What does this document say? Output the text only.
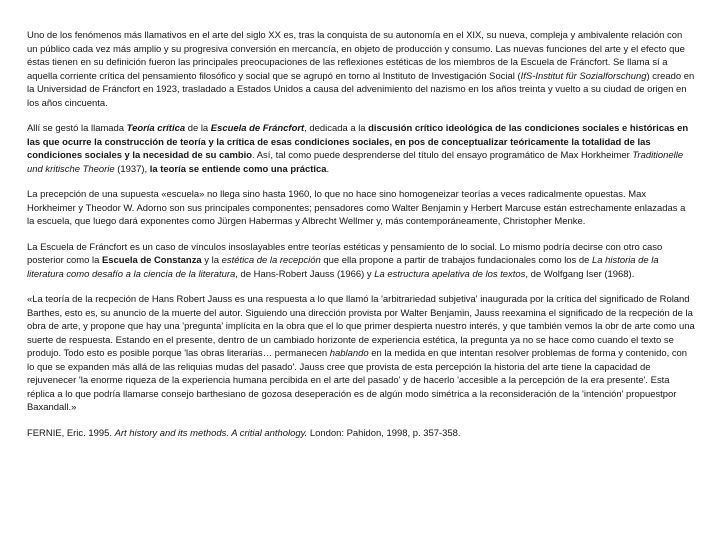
Uno de los fenómenos más llamativos en el arte del siglo XX es, tras la conquista de su autonomía en el XIX, su nueva, compleja y ambivalente relación con un público cada vez más amplio y su progresiva conversión en mercancía, en objeto de producción y consumo. Las nuevas funciones del arte y el efecto que éstas tienen en su definición fueron las principales preocupaciones de las reflexiones estéticas de los miembros de la Escuela de Fráncfort. Se llama sí a aquella corriente crítica del pensamiento filosófico y social que se agrupó en torno al Instituto de Investigación Social (IfS-Institut für Sozialforschung) creado en la Universidad de Fráncfort en 1923, trasladado a Estados Unidos a causa del advenimiento del nazismo en los años treinta y vuelto a su ciudad de origen en los años cincuenta.

Allí se gestó la llamada Teoría crítica de la Escuela de Fráncfort, dedicada a la discusión crítico ideológica de las condiciones sociales e históricas en las que ocurre la construcción de teoría y la crítica de esas condiciones sociales, en pos de conceptualizar teóricamente la totalidad de las condiciones sociales y la necesidad de su cambio. Así, tal como puede desprenderse del título del ensayo programático de Max Horkheimer Traditionelle und kritische Theorie (1937), la teoría se entiende como una práctica.

La precepción de una supuesta «escuela» no llega sino hasta 1960, lo que no hace sino homogeneizar teorías a veces radicalmente opuestas. Max Horkheimer y Theodor W. Adorno son sus principales componentes; pensadores como Walter Benjamin y Herbert Marcuse están estrechamente enlazadas a la escuela, que luego dará exponentes como Jürgen Habermas y Albrecht Wellmer y, más contemporáneamente, Christopher Menke.

La Escuela de Fráncfort es un caso de vínculos insoslayables entre teorías estéticas y pensamiento de lo social. Lo mismo podría decirse con otro caso posterior como la Escuela de Constanza y la estética de la recepción que ella propone a partir de trabajos fundacionales como los de La historia de la literatura como desafío a la ciencia de la literatura, de Hans-Robert Jauss (1966) y La estructura apelativa de los textos, de Wolfgang Iser (1968).

«La teoría de la recpeción de Hans Robert Jauss es una respuesta a lo que llamó la 'arbitrariedad subjetiva' inaugurada por la crítica del significado de Roland Barthes, esto es, su anuncio de la muerte del autor. Siguiendo una dirección provista por Walter Benjamin, Jauss reexamina el significado de la recpeción de la obra de arte, y propone que hay una 'pregunta' implícita en la obra que el lo que primer despierta nuestro interés, y que también vemos la obr de arte como una suerte de respuesta. Estando en el presente, dentro de un cambiado horizonte de experiencia estética, la pregunta ya no se hace como cuando el texto se produjo. Todo esto es posible porque 'las obras literarias… permanecen hablando en la medida en que intentan resolver problemas de forma y contenido, con lo que se expanden más allá de las reliquias mudas del pasado'. Jauss cree que provista de esta percepción la historia del arte tiene la capacidad de rejuvenecer 'la enorme riqueza de la experiencia humana percibida en el arte del pasado' y de hacerlo 'accesible a la percepción de la era presente'. Esta réplica a lo que podría llamarse consejo barthesiano de gozosa deseperación es de algún modo simétrica a la reconsideración de la 'intención' propuestpor Baxandall.»

FERNIE, Eric. 1995. Art history and its methods. A critial anthology. London: Pahidon, 1998, p. 357-358.
